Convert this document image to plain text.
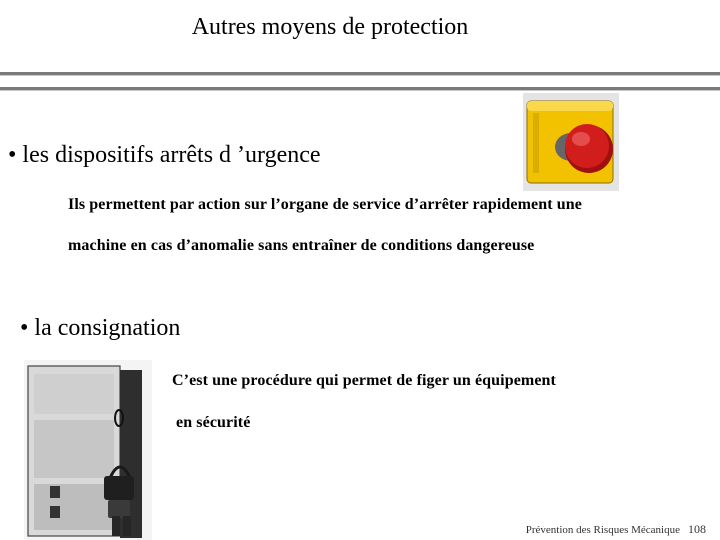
Autres moyens de protection
• les dispositifs arrêts d ’urgence
Ils permettent par action sur l’organe de service d’arrêter rapidement une
machine en cas d’anomalie sans entraîner de conditions dangereuse
• la consignation
C’est une procédure qui permet de figer un équipement
en sécurité
Prévention des Risques Mécanique 108
